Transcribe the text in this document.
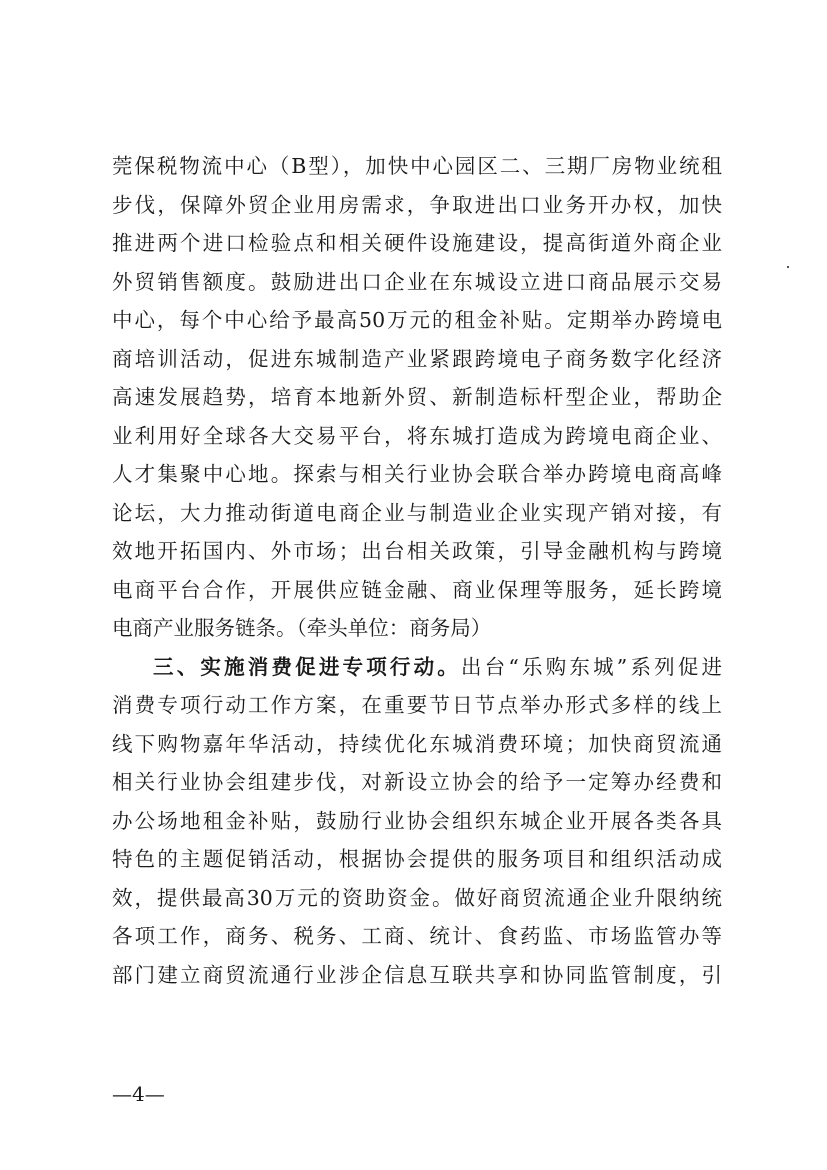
莞保税物流中心（B型），加快中心园区二、三期厂房物业统租
步伐，保障外贸企业用房需求，争取进出口业务开办权，加快
推进两个进口检验点和相关硬件设施建设，提高街道外商企业
外贸销售额度。鼓励进出口企业在东城设立进口商品展示交易
中心，每个中心给予最高50万元的租金补贴。定期举办跨境电
商培训活动，促进东城制造产业紧跟跨境电子商务数字化经济
高速发展趋势，培育本地新外贸、新制造标杆型企业，帮助企
业利用好全球各大交易平台，将东城打造成为跨境电商企业、
人才集聚中心地。探索与相关行业协会联合举办跨境电商高峰
论坛，大力推动街道电商企业与制造业企业实现产销对接，有
效地开拓国内、外市场；出台相关政策，引导金融机构与跨境
电商平台合作，开展供应链金融、商业保理等服务，延长跨境
电商产业服务链条。（牵头单位：商务局）
三、实施消费促进专项行动。出台“乐购东城”系列促进
消费专项行动工作方案，在重要节日节点举办形式多样的线上
线下购物嘉年华活动，持续优化东城消费环境；加快商贸流通
相关行业协会组建步伐，对新设立协会的给予一定筹办经费和
办公场地租金补贴，鼓励行业协会组织东城企业开展各类各具
特色的主题促销活动，根据协会提供的服务项目和组织活动成
效，提供最高30万元的资助资金。做好商贸流通企业升限纳统
各项工作，商务、税务、工商、统计、食药监、市场监管办等
部门建立商贸流通行业涉企信息互联共享和协同监管制度，引
—4—
